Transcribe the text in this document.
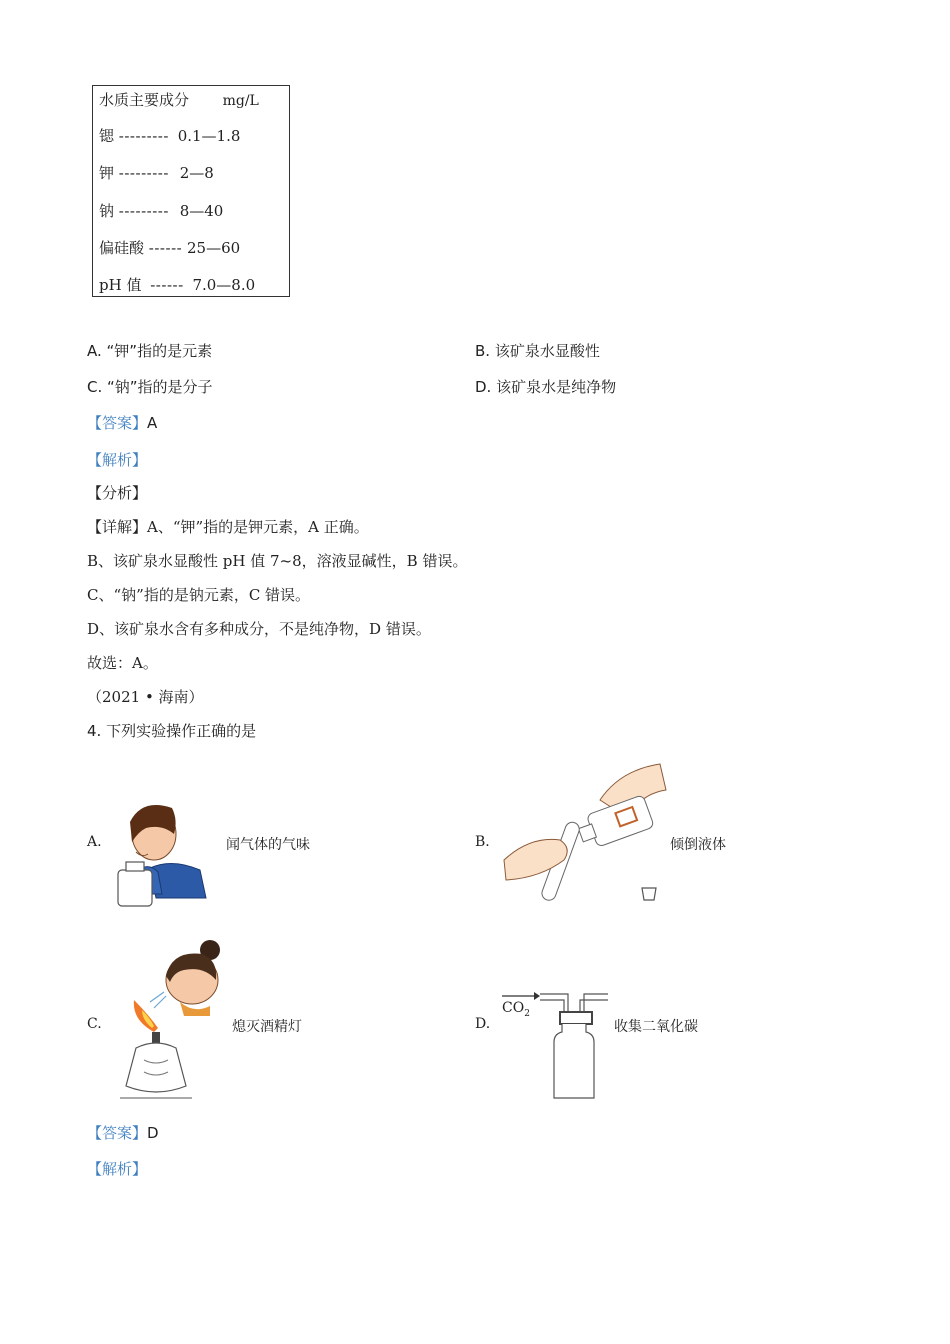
水质主要成分 mg/L
锶 --------- 0.1—1.8
钾 --------- 2—8
钠 --------- 8—40
偏硅酸 ------ 25—60
pH 值 ------ 7.0—8.0
A. “钾”指的是元素	B. 该矿泉水显酸性
C. “钠”指的是分子	D. 该矿泉水是纯净物
【答案】A
【解析】
【分析】
【详解】A、“钾”指的是钾元素，A 正确。
B、该矿泉水显酸性 pH 值 7~8，溶液显碱性，B 错误。
C、“钠”指的是钠元素，C 错误。
D、该矿泉水含有多种成分，不是纯净物，D 错误。
故选：A。
（2021 • 海南）
4. 下列实验操作正确的是
A.	闻气体的气味	B.	倾倒液体
C.	熄灭酒精灯	D.
$CO_2$
收集二氧化碳
【答案】D
【解析】
